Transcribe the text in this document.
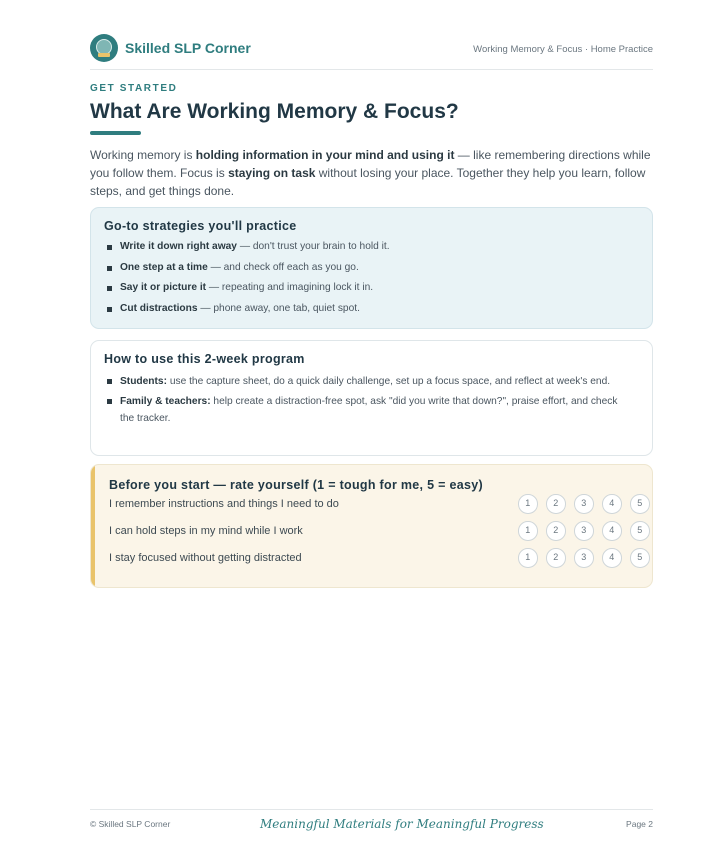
Skilled SLP Corner	Working Memory & Focus · Home Practice
GET STARTED
What Are Working Memory & Focus?

Working memory is holding information in your mind and using it — like remembering directions while you follow them. Focus is staying on task without losing your place. Together they help you learn, follow steps, and get things done.

Go-to strategies you'll practice
Write it down right away — don't trust your brain to hold it.
One step at a time — and check off each as you go.
Say it or picture it — repeating and imagining lock it in.
Cut distractions — phone away, one tab, quiet spot.
How to use this 2-week program
Students: use the capture sheet, do a quick daily challenge, set up a focus space, and reflect at week's end.
Family & teachers: help create a distraction-free spot, ask "did you write that down?", praise effort, and check the tracker.
Before you start — rate yourself (1 = tough for me, 5 = easy)
I remember instructions and things I need to do	1	2	3	4	5
I can hold steps in my mind while I work	1	2	3	4	5
I stay focused without getting distracted	1	2	3	4	5
© Skilled SLP Corner	Meaningful Materials for Meaningful Progress	Page 2
